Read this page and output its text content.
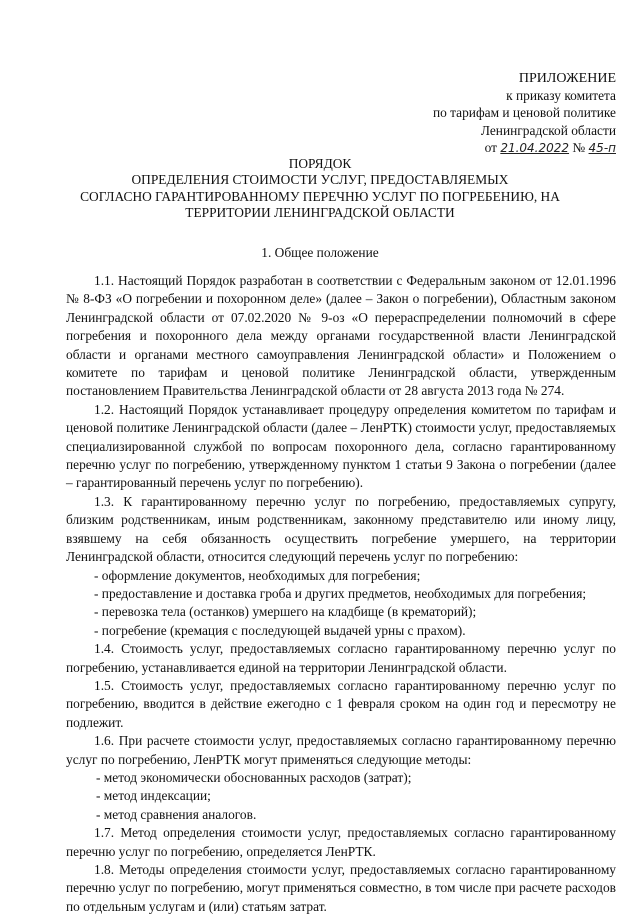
ПРИЛОЖЕНИЕ
к приказу комитета
по тарифам и ценовой политике
Ленинградской области
от 21.04.2022 № 45-п
ПОРЯДОК
ОПРЕДЕЛЕНИЯ СТОИМОСТИ УСЛУГ, ПРЕДОСТАВЛЯЕМЫХ
СОГЛАСНО ГАРАНТИРОВАННОМУ ПЕРЕЧНЮ УСЛУГ ПО ПОГРЕБЕНИЮ, НА
ТЕРРИТОРИИ ЛЕНИНГРАДСКОЙ ОБЛАСТИ
1. Общее положение

1.1. Настоящий Порядок разработан в соответствии с Федеральным законом от 12.01.1996 № 8-ФЗ «О погребении и похоронном деле» (далее – Закон о погребении), Областным законом Ленинградской области от 07.02.2020 № 9-оз «О перераспределении полномочий в сфере погребения и похоронного дела между органами государственной власти Ленинградской области и органами местного самоуправления Ленинградской области» и Положением о комитете по тарифам и ценовой политике Ленинградской области, утвержденным постановлением Правительства Ленинградской области от 28 августа 2013 года № 274.

1.2. Настоящий Порядок устанавливает процедуру определения комитетом по тарифам и ценовой политике Ленинградской области (далее – ЛенРТК) стоимости услуг, предоставляемых специализированной службой по вопросам похоронного дела, согласно гарантированному перечню услуг по погребению, утвержденному пунктом 1 статьи 9 Закона о погребении (далее – гарантированный перечень услуг по погребению).

1.3. К гарантированному перечню услуг по погребению, предоставляемых супругу, близким родственникам, иным родственникам, законному представителю или иному лицу, взявшему на себя обязанность осуществить погребение умершего, на территории Ленинградской области, относится следующий перечень услуг по погребению:

- оформление документов, необходимых для погребения;

- предоставление и доставка гроба и других предметов, необходимых для погребения;

- перевозка тела (останков) умершего на кладбище (в крематорий);

- погребение (кремация с последующей выдачей урны с прахом).

1.4. Стоимость услуг, предоставляемых согласно гарантированному перечню услуг по погребению, устанавливается единой на территории Ленинградской области.

1.5. Стоимость услуг, предоставляемых согласно гарантированному перечню услуг по погребению, вводится в действие ежегодно с 1 февраля сроком на один год и пересмотру не подлежит.

1.6. При расчете стоимости услуг, предоставляемых согласно гарантированному перечню услуг по погребению, ЛенРТК могут применяться следующие методы:

- метод экономически обоснованных расходов (затрат);

- метод индексации;

- метод сравнения аналогов.

1.7. Метод определения стоимости услуг, предоставляемых согласно гарантированному перечню услуг по погребению, определяется ЛенРТК.

1.8. Методы определения стоимости услуг, предоставляемых согласно гарантированному перечню услуг по погребению, могут применяться совместно, в том числе при расчете расходов по отдельным услугам и (или) статьям затрат.
